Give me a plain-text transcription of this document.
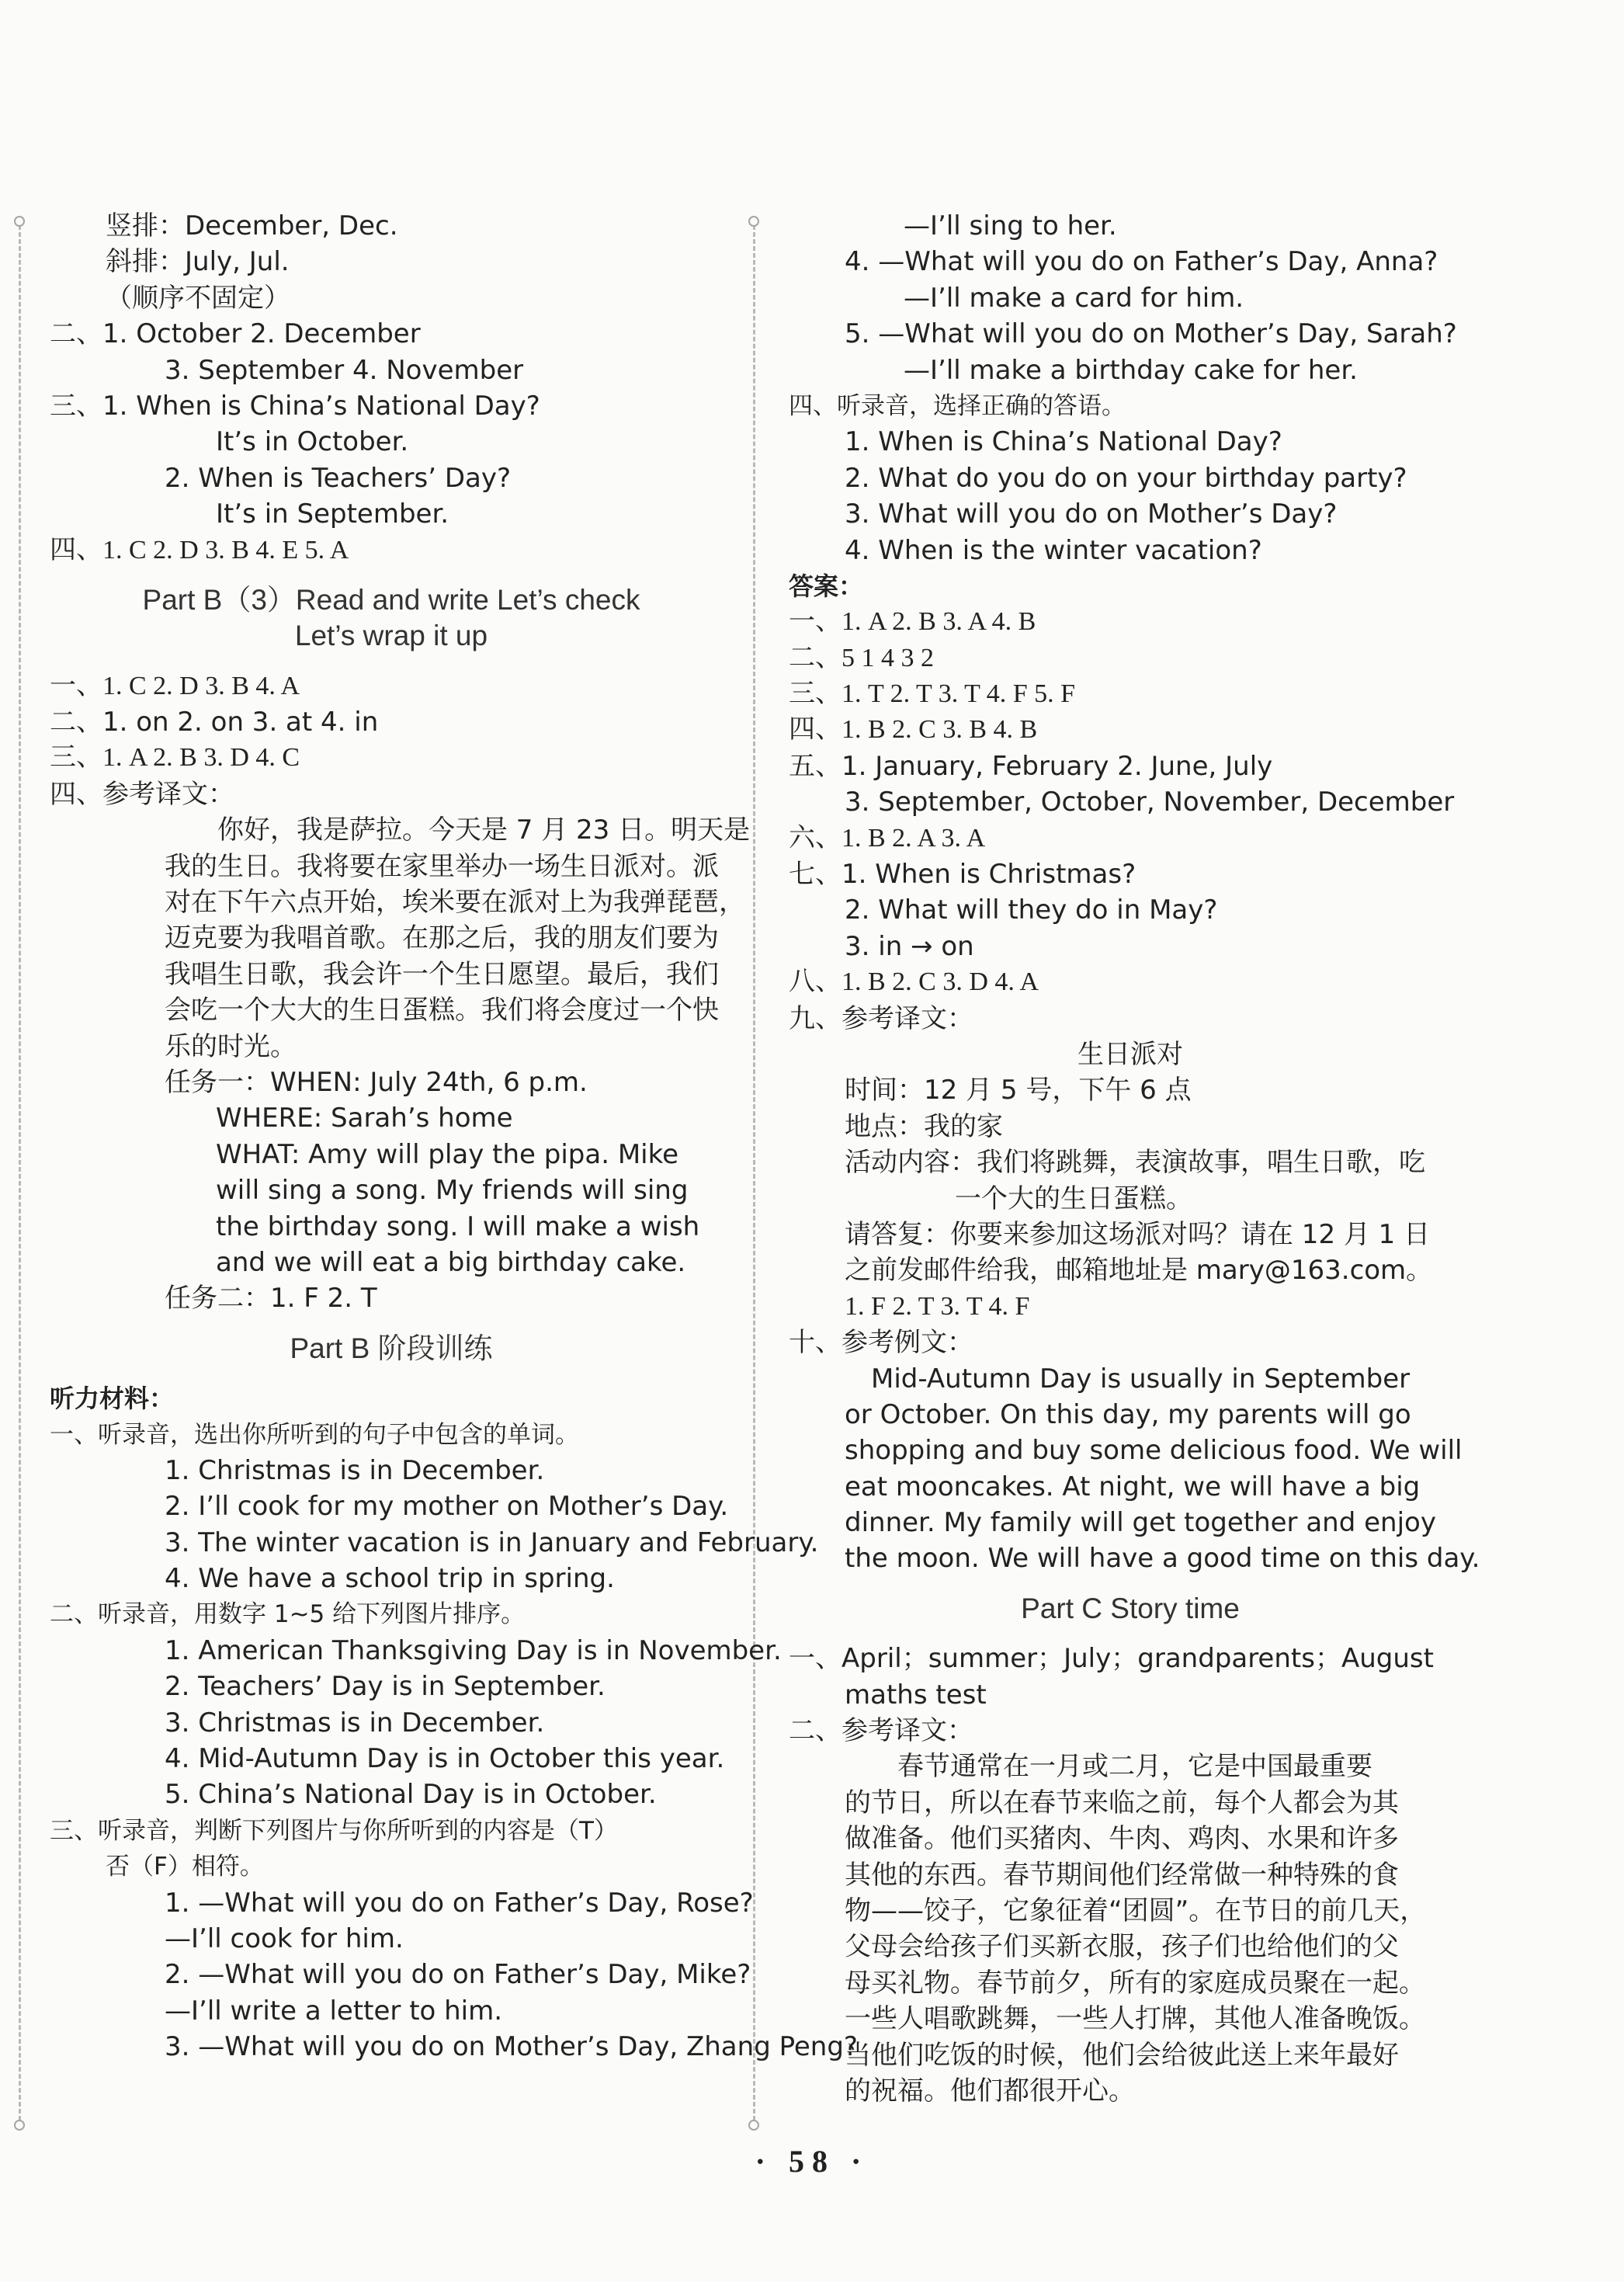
竖排：December, Dec.
斜排：July, Jul.
（顺序不固定）
二、1. October 2. December
3. September 4. November
三、1. When is China’s National Day?
It’s in October.
2. When is Teachers’ Day?
It’s in September.
四、1. C 2. D 3. B 4. E 5. A
Part B（3）Read and write Let’s check
Let’s wrap it up
一、1. C 2. D 3. B 4. A
二、1. on 2. on 3. at 4. in
三、1. A 2. B 3. D 4. C
四、参考译文：
　　你好，我是萨拉。今天是 7 月 23 日。明天是
我的生日。我将要在家里举办一场生日派对。派
对在下午六点开始，埃米要在派对上为我弹琵琶，
迈克要为我唱首歌。在那之后，我的朋友们要为
我唱生日歌，我会许一个生日愿望。最后，我们
会吃一个大大的生日蛋糕。我们将会度过一个快
乐的时光。
任务一：WHEN: July 24th, 6 p.m.
WHERE: Sarah’s home
WHAT: Amy will play the pipa. Mike
will sing a song. My friends will sing
the birthday song. I will make a wish
and we will eat a big birthday cake.
任务二：1. F 2. T
Part B 阶段训练
听力材料：
一、听录音，选出你所听到的句子中包含的单词。
1. Christmas is in December.
2. I’ll cook for my mother on Mother’s Day.
3. The winter vacation is in January and February.
4. We have a school trip in spring.
二、听录音，用数字 1~5 给下列图片排序。
1. American Thanksgiving Day is in November.
2. Teachers’ Day is in September.
3. Christmas is in December.
4. Mid-Autumn Day is in October this year.
5. China’s National Day is in October.
三、听录音，判断下列图片与你所听到的内容是（T）
否（F）相符。
1. —What will you do on Father’s Day, Rose?
—I’ll cook for him.
2. —What will you do on Father’s Day, Mike?
—I’ll write a letter to him.
3. —What will you do on Mother’s Day, Zhang Peng?
—I’ll sing to her.
4. —What will you do on Father’s Day, Anna?
—I’ll make a card for him.
5. —What will you do on Mother’s Day, Sarah?
—I’ll make a birthday cake for her.
四、听录音，选择正确的答语。
1. When is China’s National Day?
2. What do you do on your birthday party?
3. What will you do on Mother’s Day?
4. When is the winter vacation?
答案：
一、1. A 2. B 3. A 4. B
二、5 1 4 3 2
三、1. T 2. T 3. T 4. F 5. F
四、1. B 2. C 3. B 4. B
五、1. January, February 2. June, July
3. September, October, November, December
六、1. B 2. A 3. A
七、1. When is Christmas?
2. What will they do in May?
3. in → on
八、1. B 2. C 3. D 4. A
九、参考译文：
生日派对
时间：12 月 5 号，下午 6 点
地点：我的家
活动内容：我们将跳舞，表演故事，唱生日歌，吃
一个大的生日蛋糕。
请答复：你要来参加这场派对吗？请在 12 月 1 日
之前发邮件给我，邮箱地址是 mary@163.com。
1. F 2. T 3. T 4. F
十、参考例文：
　Mid-Autumn Day is usually in September
or October. On this day, my parents will go
shopping and buy some delicious food. We will
eat mooncakes. At night, we will have a big
dinner. My family will get together and enjoy
the moon. We will have a good time on this day.
Part C Story time
一、April；summer；July；grandparents；August
maths test
二、参考译文：
　　春节通常在一月或二月，它是中国最重要
的节日，所以在春节来临之前，每个人都会为其
做准备。他们买猪肉、牛肉、鸡肉、水果和许多
其他的东西。春节期间他们经常做一种特殊的食
物——饺子，它象征着“团圆”。在节日的前几天，
父母会给孩子们买新衣服，孩子们也给他们的父
母买礼物。春节前夕，所有的家庭成员聚在一起。
一些人唱歌跳舞，一些人打牌，其他人准备晚饭。
当他们吃饭的时候，他们会给彼此送上来年最好
的祝福。他们都很开心。
· 58 ·
